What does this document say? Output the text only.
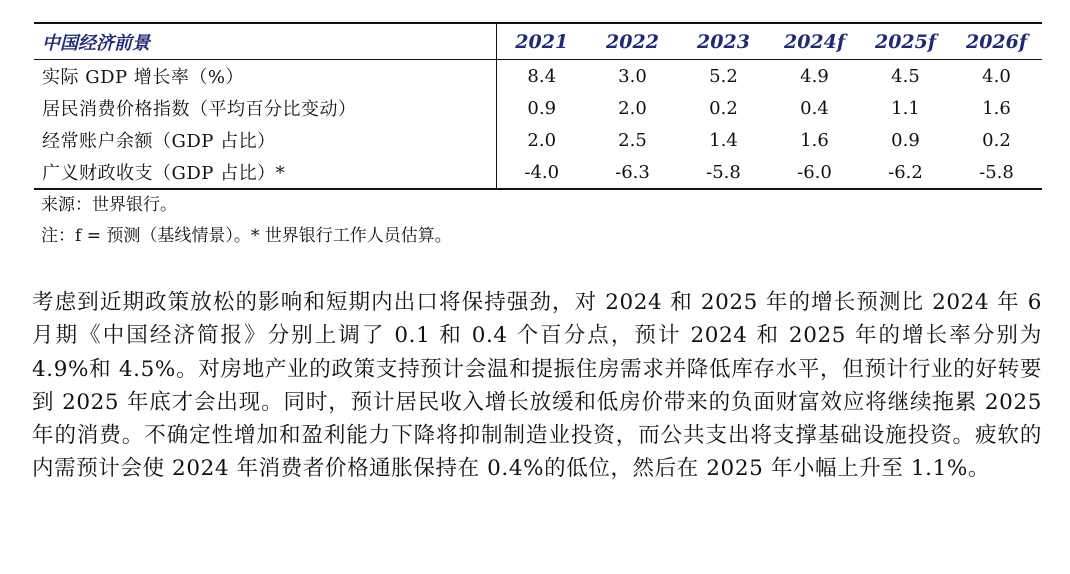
中国经济前景	2021	2022	2023	2024f	2025f	2026f
实际 GDP 增长率（%）	8.4	3.0	5.2	4.9	4.5	4.0
居民消费价格指数（平均百分比变动）	0.9	2.0	0.2	0.4	1.1	1.6
经常账户余额（GDP 占比）	2.0	2.5	1.4	1.6	0.9	0.2
广义财政收支（GDP 占比）*	-4.0	-6.3	-5.8	-6.0	-6.2	-5.8
来源：世界银行。
注：f = 预测（基线情景）。* 世界银行工作人员估算。
考虑到近期政策放松的影响和短期内出口将保持强劲，对 2024 和 2025 年的增长预测比 2024 年 6 月期《中国经济简报》分别上调了 0.1 和 0.4 个百分点，预计 2024 和 2025 年的增长率分别为 4.9%和 4.5%。对房地产业的政策支持预计会温和提振住房需求并降低库存水平，但预计行业的好转要到 2025 年底才会出现。同时，预计居民收入增长放缓和低房价带来的负面财富效应将继续拖累 2025 年的消费。不确定性增加和盈利能力下降将抑制制造业投资，而公共支出将支撑基础设施投资。疲软的内需预计会使 2024 年消费者价格通胀保持在 0.4%的低位，然后在 2025 年小幅上升至 1.1%。
